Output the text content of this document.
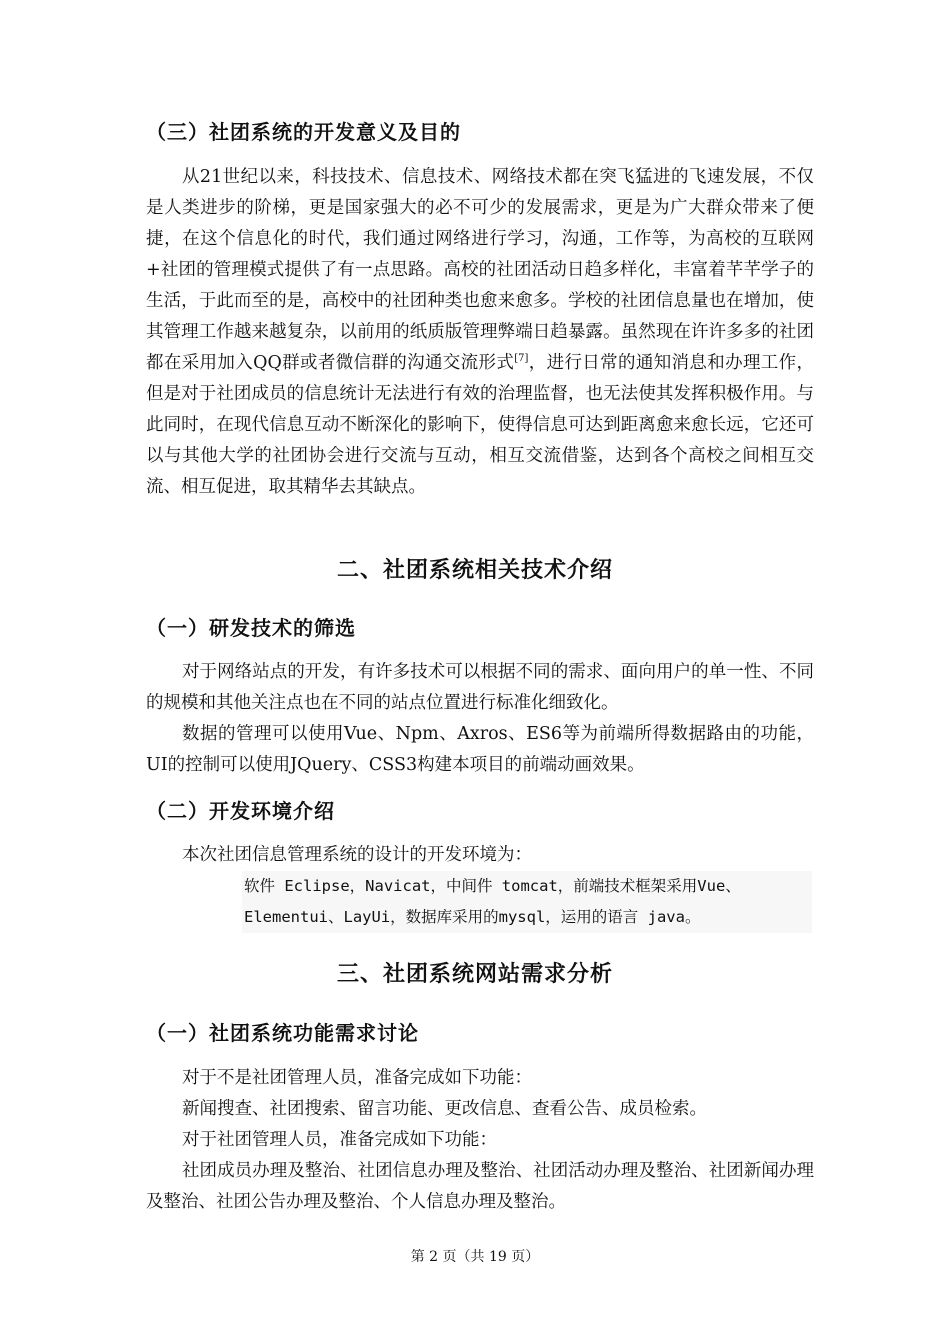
（三）社团系统的开发意义及目的

从21世纪以来，科技技术、信息技术、网络技术都在突飞猛进的飞速发展，不仅是人类进步的阶梯，更是国家强大的必不可少的发展需求，更是为广大群众带来了便捷，在这个信息化的时代，我们通过网络进行学习，沟通，工作等，为高校的互联网+社团的管理模式提供了有一点思路。高校的社团活动日趋多样化，丰富着芊芊学子的生活，于此而至的是，高校中的社团种类也愈来愈多。学校的社团信息量也在增加，使其管理工作越来越复杂，以前用的纸质版管理弊端日趋暴露。虽然现在许许多多的社团都在采用加入QQ群或者微信群的沟通交流形式[7]，进行日常的通知消息和办理工作，但是对于社团成员的信息统计无法进行有效的治理监督，也无法使其发挥积极作用。与此同时，在现代信息互动不断深化的影响下，使得信息可达到距离愈来愈长远，它还可以与其他大学的社团协会进行交流与互动，相互交流借鉴，达到各个高校之间相互交流、相互促进，取其精华去其缺点。

二、社团系统相关技术介绍
（一）研发技术的筛选

对于网络站点的开发，有许多技术可以根据不同的需求、面向用户的单一性、不同的规模和其他关注点也在不同的站点位置进行标准化细致化。

数据的管理可以使用Vue、Npm、Axros、ES6等为前端所得数据路由的功能，UI的控制可以使用JQuery、CSS3构建本项目的前端动画效果。

（二）开发环境介绍

本次社团信息管理系统的设计的开发环境为：

软件 Eclipse，Navicat，中间件 tomcat，前端技术框架采用Vue、
Elementui、LayUi，数据库采用的mysql，运用的语言 java。
三、社团系统网站需求分析
（一）社团系统功能需求讨论

对于不是社团管理人员，准备完成如下功能：

新闻搜查、社团搜索、留言功能、更改信息、查看公告、成员检索。

对于社团管理人员，准备完成如下功能：

社团成员办理及整治、社团信息办理及整治、社团活动办理及整治、社团新闻办理及整治、社团公告办理及整治、个人信息办理及整治。

第 2 页（共 19 页）
